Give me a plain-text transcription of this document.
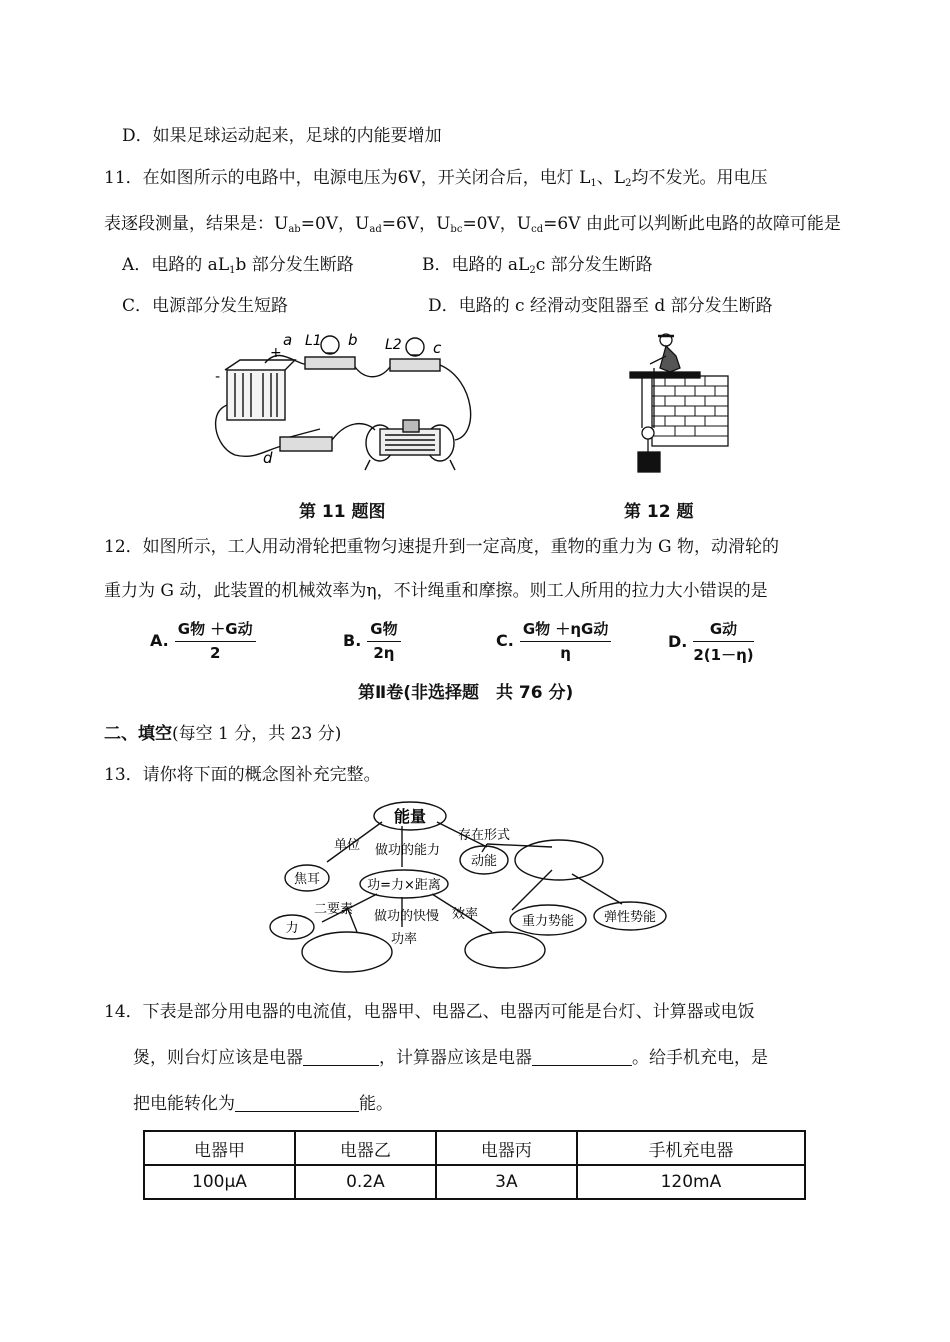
D．如果足球运动起来，足球的内能要增加
11．在如图所示的电路中，电源电压为6V，开关闭合后，电灯 $L_1$、$L_2$均不发光。用电压
表逐段测量，结果是：$U_{ab}=0V$，$U_{ad}=6V$，$U_{bc}=0V$，$U_{cd}=6V$ 由此可以判断此电路的故障可能是
A．电路的 $aL_1b$ 部分发生断路	B．电路的 $aL_2c$ 部分发生断路
C．电源部分发生短路	D．电路的 c 经滑动变阻器至 d 部分发生断路
-
+
a L1 b L2 c
d
第 11 题图	第 12 题
12．如图所示，工人用动滑轮把重物匀速提升到一定高度，重物的重力为 G 物，动滑轮的
重力为 G 动，此装置的机械效率为η，不计绳重和摩擦。则工人所用的拉力大小错误的是
A. $\frac{\text{G物 ＋G动}}{2}$	B. $\frac{\text{G物}}{2\eta}$	C. $\frac{\text{G物 ＋ηG动}}{\eta}$	D. $\frac{\text{G动}}{2(1-\eta)}$
第Ⅱ卷(非选择题　共 76 分)
二、填空(每空 1 分，共 23 分)
13．请你将下面的概念图补充完整。
能量
单位 做功的能力
存在形式
焦耳	功=力×距离
动能
二要素 做功的快慢 效率	重力势能 弹性势能
力
功率
14．下表是部分用电器的电流值，电器甲、电器乙、电器丙可能是台灯、计算器或电饭
煲，则台灯应该是电器	，计算器应该是电器	。给手机充电，是
把电能转化为	能。
电器甲	电器乙	电器丙	手机充电器
100μA	0.2A	3A	120mA
